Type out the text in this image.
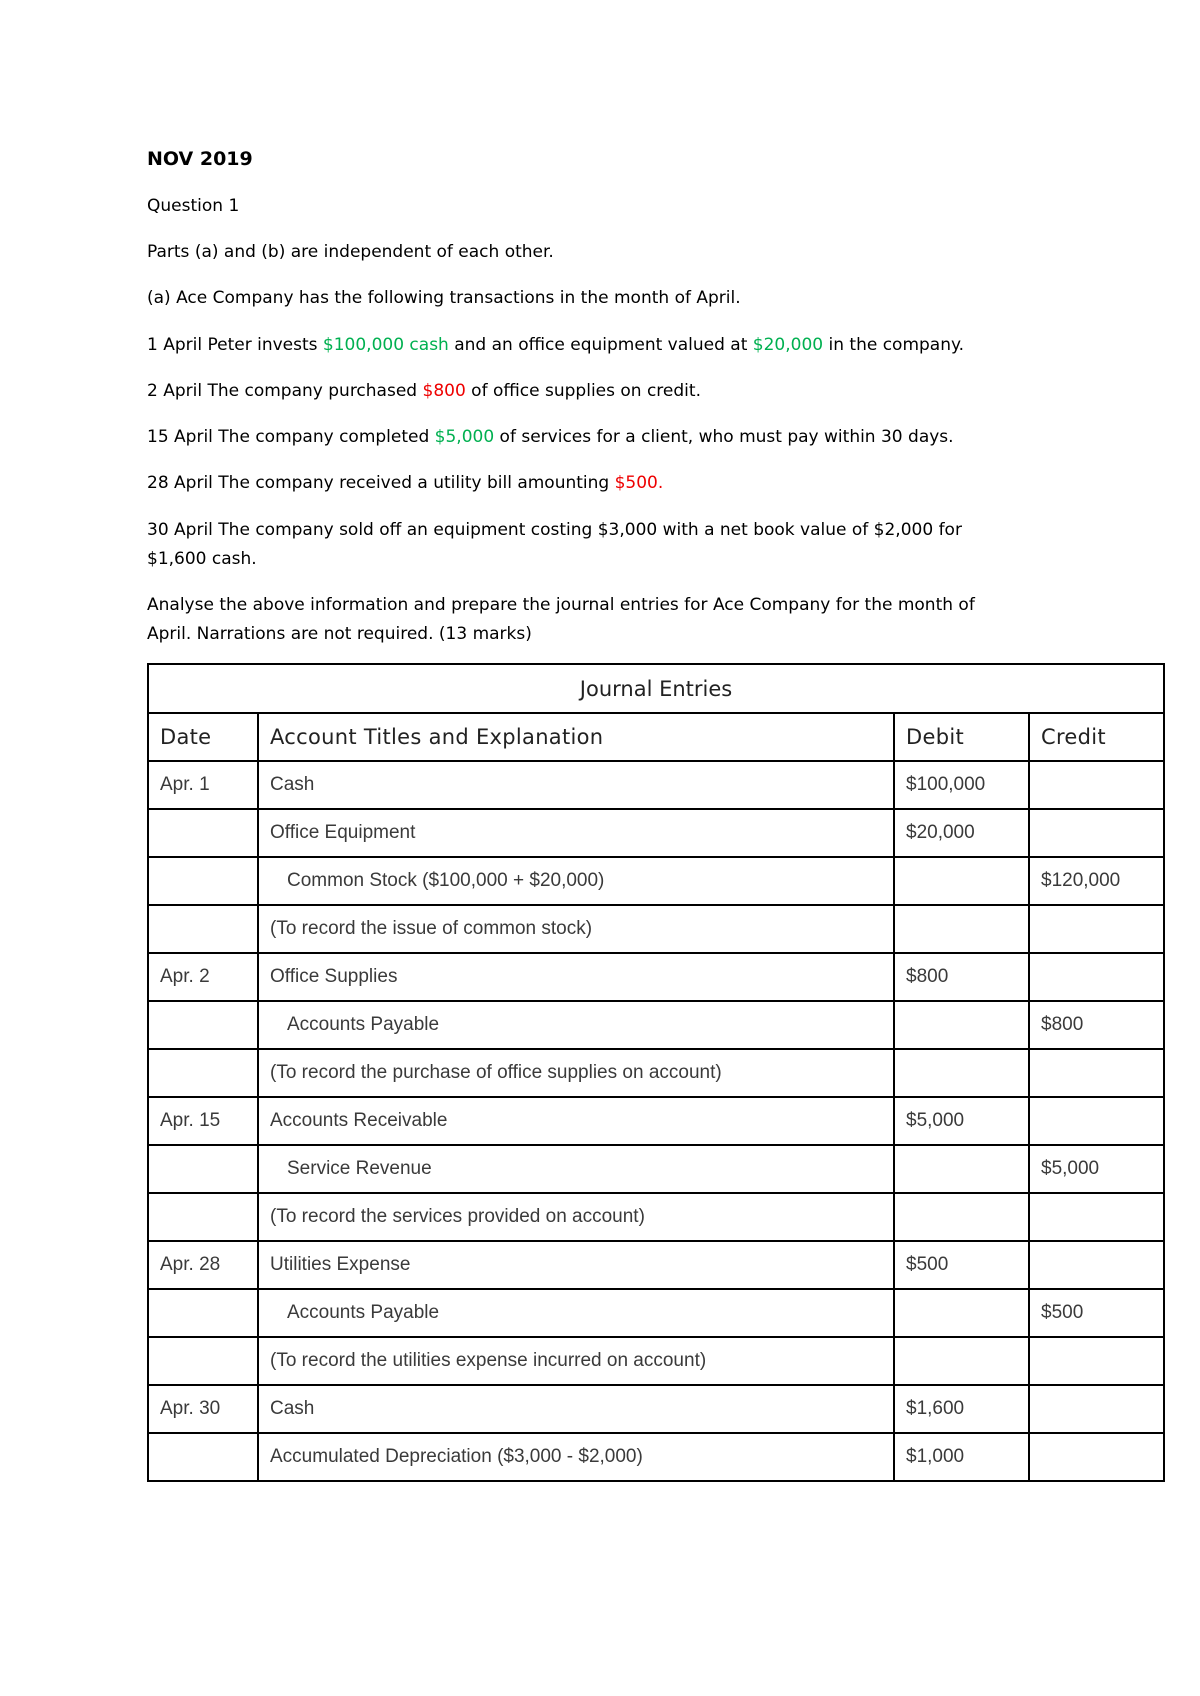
NOV 2019
Question 1
Parts (a) and (b) are independent of each other.
(a) Ace Company has the following transactions in the month of April.
1 April Peter invests $100,000 cash and an office equipment valued at $20,000 in the company.
2 April The company purchased $800 of office supplies on credit.
15 April The company completed $5,000 of services for a client, who must pay within 30 days.
28 April The company received a utility bill amounting $500.
30 April The company sold off an equipment costing $3,000 with a net book value of $2,000 for
$1,600 cash.
Analyse the above information and prepare the journal entries for Ace Company for the month of
April. Narrations are not required. (13 marks)
Journal Entries			
Date	Account Titles and Explanation	Debit	Credit
Apr. 1	Cash	$100,000	
	Office Equipment	$20,000	
	Common Stock ($100,000 + $20,000)		$120,000
	(To record the issue of common stock)		
Apr. 2	Office Supplies	$800	
	Accounts Payable		$800
	(To record the purchase of office supplies on account)		
Apr. 15	Accounts Receivable	$5,000	
	Service Revenue		$5,000
	(To record the services provided on account)		
Apr. 28	Utilities Expense	$500	
	Accounts Payable		$500
	(To record the utilities expense incurred on account)		
Apr. 30	Cash	$1,600	
	Accumulated Depreciation ($3,000 - $2,000)	$1,000	
